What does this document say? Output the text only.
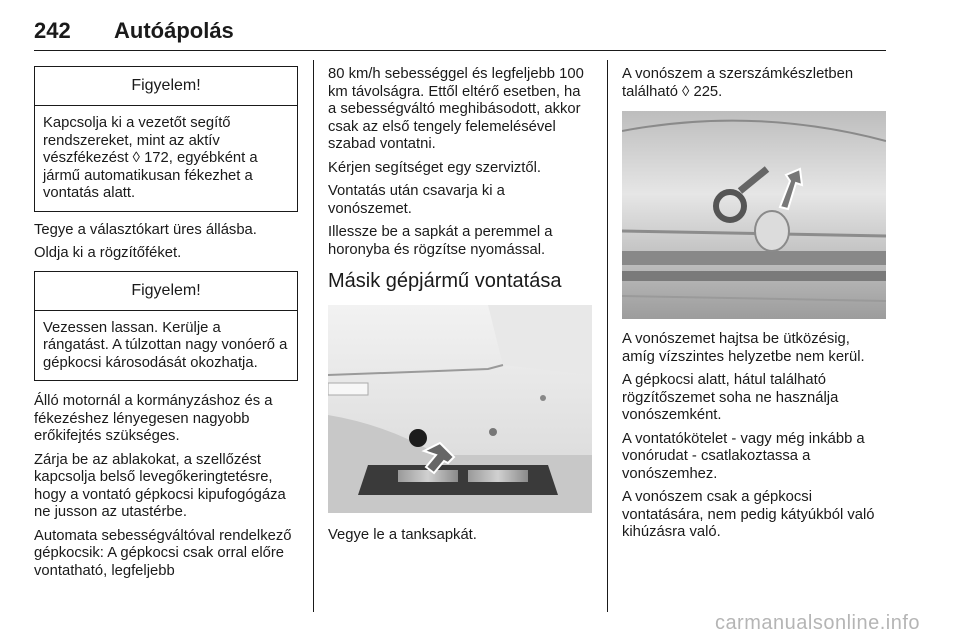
242 Autóápolás
Figyelem!

Kapcsolja ki a vezetőt segítő rendszereket, mint az aktív vészfékezést ◊ 172, egyébként a jármű automatikusan fékezhet a vontatás alatt.

Tegye a választókart üres állásba.

Oldja ki a rögzítőféket.

Figyelem!

Vezessen lassan. Kerülje a rángatást. A túlzottan nagy vonóerő a gépkocsi károsodását okozhatja.

Álló motornál a kormányzáshoz és a fékezéshez lényegesen nagyobb erőkifejtés szükséges.

Zárja be az ablakokat, a szellőzést kapcsolja belső levegőkeringtetésre, hogy a vontató gépkocsi kipufogógáza ne jusson az utastérbe.

Automata sebességváltóval rendelkező gépkocsik: A gépkocsi csak orral előre vontatható, legfeljebb

80 km/h sebességgel és legfeljebb 100 km távolságra. Ettől eltérő esetben, ha a sebességváltó meghibásodott, akkor csak az első tengely felemelésével szabad vontatni.

Kérjen segítséget egy szerviztől.

Vontatás után csavarja ki a vonószemet.

Illessze be a sapkát a peremmel a horonyba és rögzítse nyomással.

Másik gépjármű vontatása

Vegye le a tanksapkát.

A vonószem a szerszámkészletben található ◊ 225.

A vonószemet hajtsa be ütközésig, amíg vízszintes helyzetbe nem kerül.

A gépkocsi alatt, hátul található rögzítőszemet soha ne használja vonószemként.

A vontatókötelet - vagy még inkább a vonórudat - csatlakoztassa a vonószemhez.

A vonószem csak a gépkocsi vontatására, nem pedig kátyúkból való kihúzásra való.

carmanualsonline.info
